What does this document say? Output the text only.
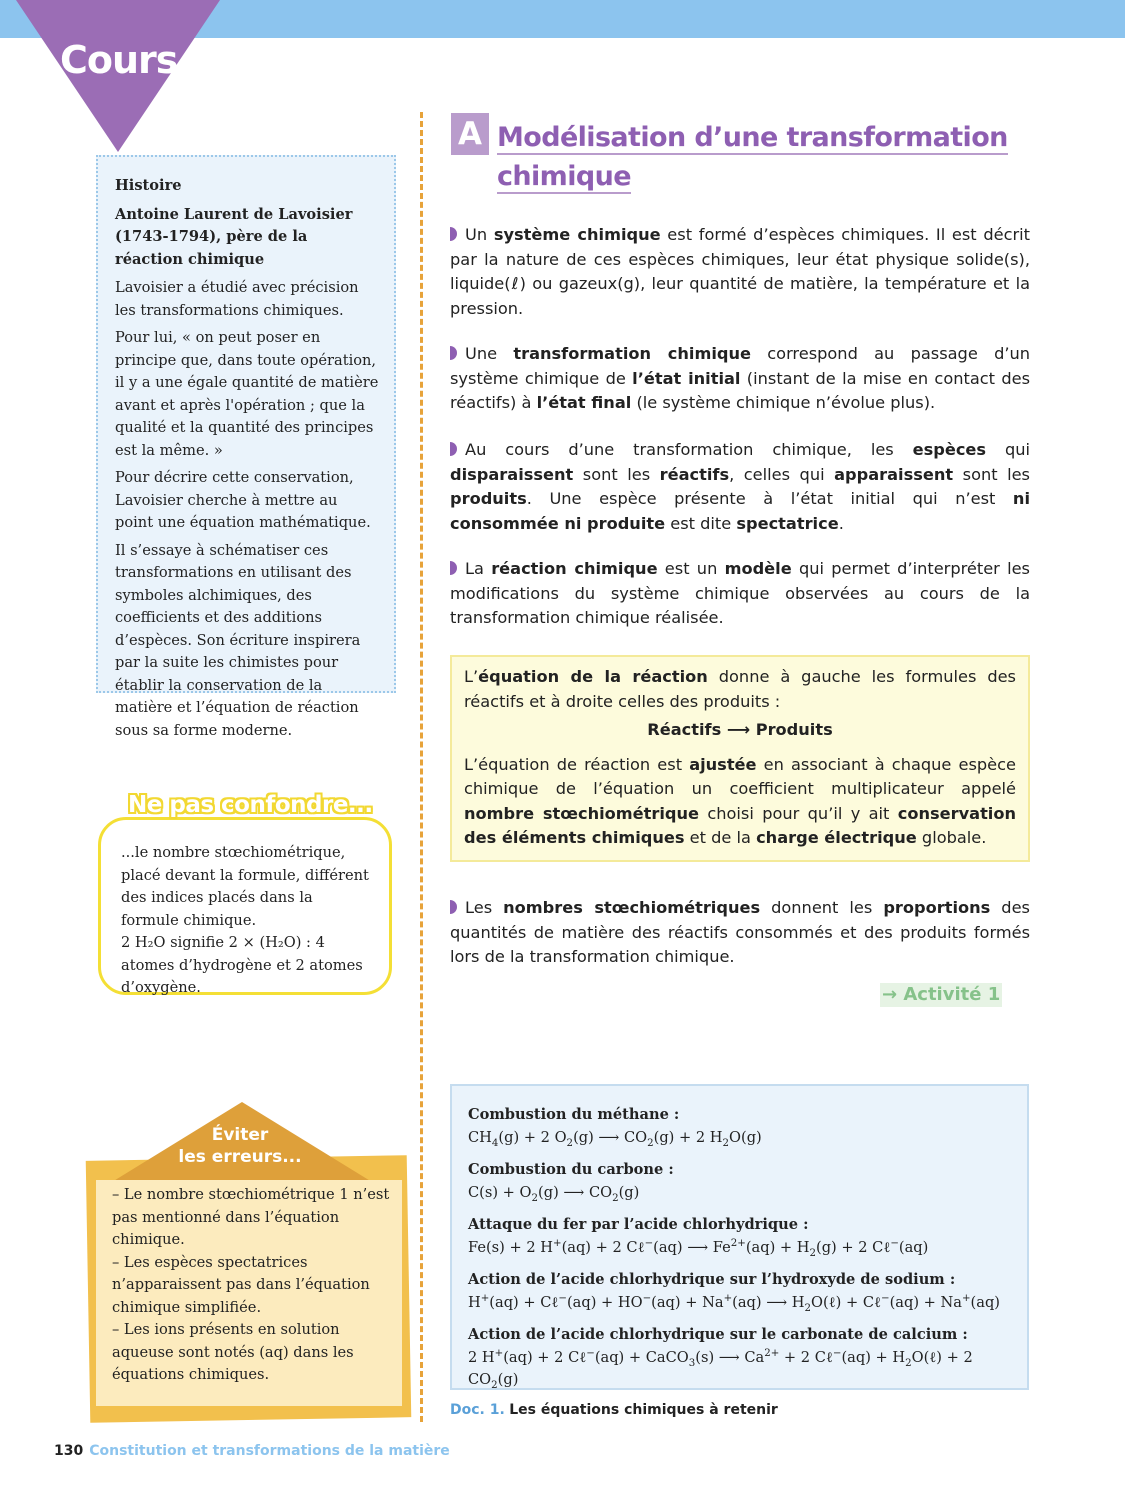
Cours
Histoire
Antoine Laurent de Lavoisier (1743-1794), père de la réaction chimique

Lavoisier a étudié avec précision les transformations chimiques.

Pour lui, « on peut poser en principe que, dans toute opération, il y a une égale quantité de matière avant et après l'opération ; que la qualité et la quantité des principes est la même. »

Pour décrire cette conservation, Lavoisier cherche à mettre au point une équation mathématique.

Il s’essaye à schématiser ces transformations en utilisant des symboles alchimiques, des coefficients et des additions d’espèces. Son écriture inspirera par la suite les chimistes pour établir la conservation de la matière et l’équation de réaction sous sa forme moderne.

...le nombre stœchiométrique, placé devant la formule, différent des indices placés dans la formule chimique.
2 H₂O signifie 2 × (H₂O) : 4 atomes d’hydrogène et 2 atomes d’oxygène.
Ne pas confondre...
Éviter
les erreurs...
– Le nombre stœchiométrique 1 n’est pas mentionné dans l’équation chimique.
– Les espèces spectatrices n’apparaissent pas dans l’équation chimique simplifiée.
– Les ions présents en solution aqueuse sont notés (aq) dans les équations chimiques.
A Modélisation d’une transformation
chimique
Un système chimique est formé d’espèces chimiques. Il est décrit par la nature de ces espèces chimiques, leur état physique solide(s), liquide(ℓ) ou gazeux(g), leur quantité de matière, la température et la pression.
Une transformation chimique correspond au passage d’un système chimique de l’état initial (instant de la mise en contact des réactifs) à l’état final (le système chimique n’évolue plus).
Au cours d’une transformation chimique, les espèces qui disparaissent sont les réactifs, celles qui apparaissent sont les produits. Une espèce présente à l’état initial qui n’est ni consommée ni produite est dite spectatrice.
La réaction chimique est un modèle qui permet d’interpréter les modifications du système chimique observées au cours de la transformation chimique réalisée.
L’équation de la réaction donne à gauche les formules des réactifs et à droite celles des produits :
Réactifs ⟶ Produits
L’équation de réaction est ajustée en associant à chaque espèce chimique de l’équation un coefficient multiplicateur appelé nombre stœchiométrique choisi pour qu’il y ait conservation des éléments chimiques et de la charge électrique globale.
Les nombres stœchiométriques donnent les proportions des quantités de matière des réactifs consommés et des produits formés lors de la transformation chimique.
→ Activité 1
Combustion du méthane :
$CH_4(g) + 2$ $O_2(g)$ ⟶ $CO_2(g) + 2$ $H_2O(g)$
Combustion du carbone :
$C(s) + O_2(g)$ ⟶ $CO_2(g)$
Attaque du fer par l’acide chlorhydrique :
Fe(s) + 2 H+(aq) + 2 Cℓ−(aq) ⟶ $Fe^{2+}(aq) + H_2(g) + 2$ Cℓ−(aq)
Action de l’acide chlorhydrique sur l’hydroxyde de sodium :
H+(aq) + Cℓ−(aq) + HO−(aq) + Na+(aq) ⟶ $H_2O(\ell)$ + Cℓ−(aq) + Na+(aq)
Action de l’acide chlorhydrique sur le carbonate de calcium :
2 H+(aq) + 2 Cℓ−(aq) + CaCO$_3$(s) ⟶ $Ca^{2+} + 2$ Cℓ−(aq) + $H_2O(\ell) + 2$ $CO_2(g)$
Doc. 1. Les équations chimiques à retenir
130 Constitution et transformations de la matière
